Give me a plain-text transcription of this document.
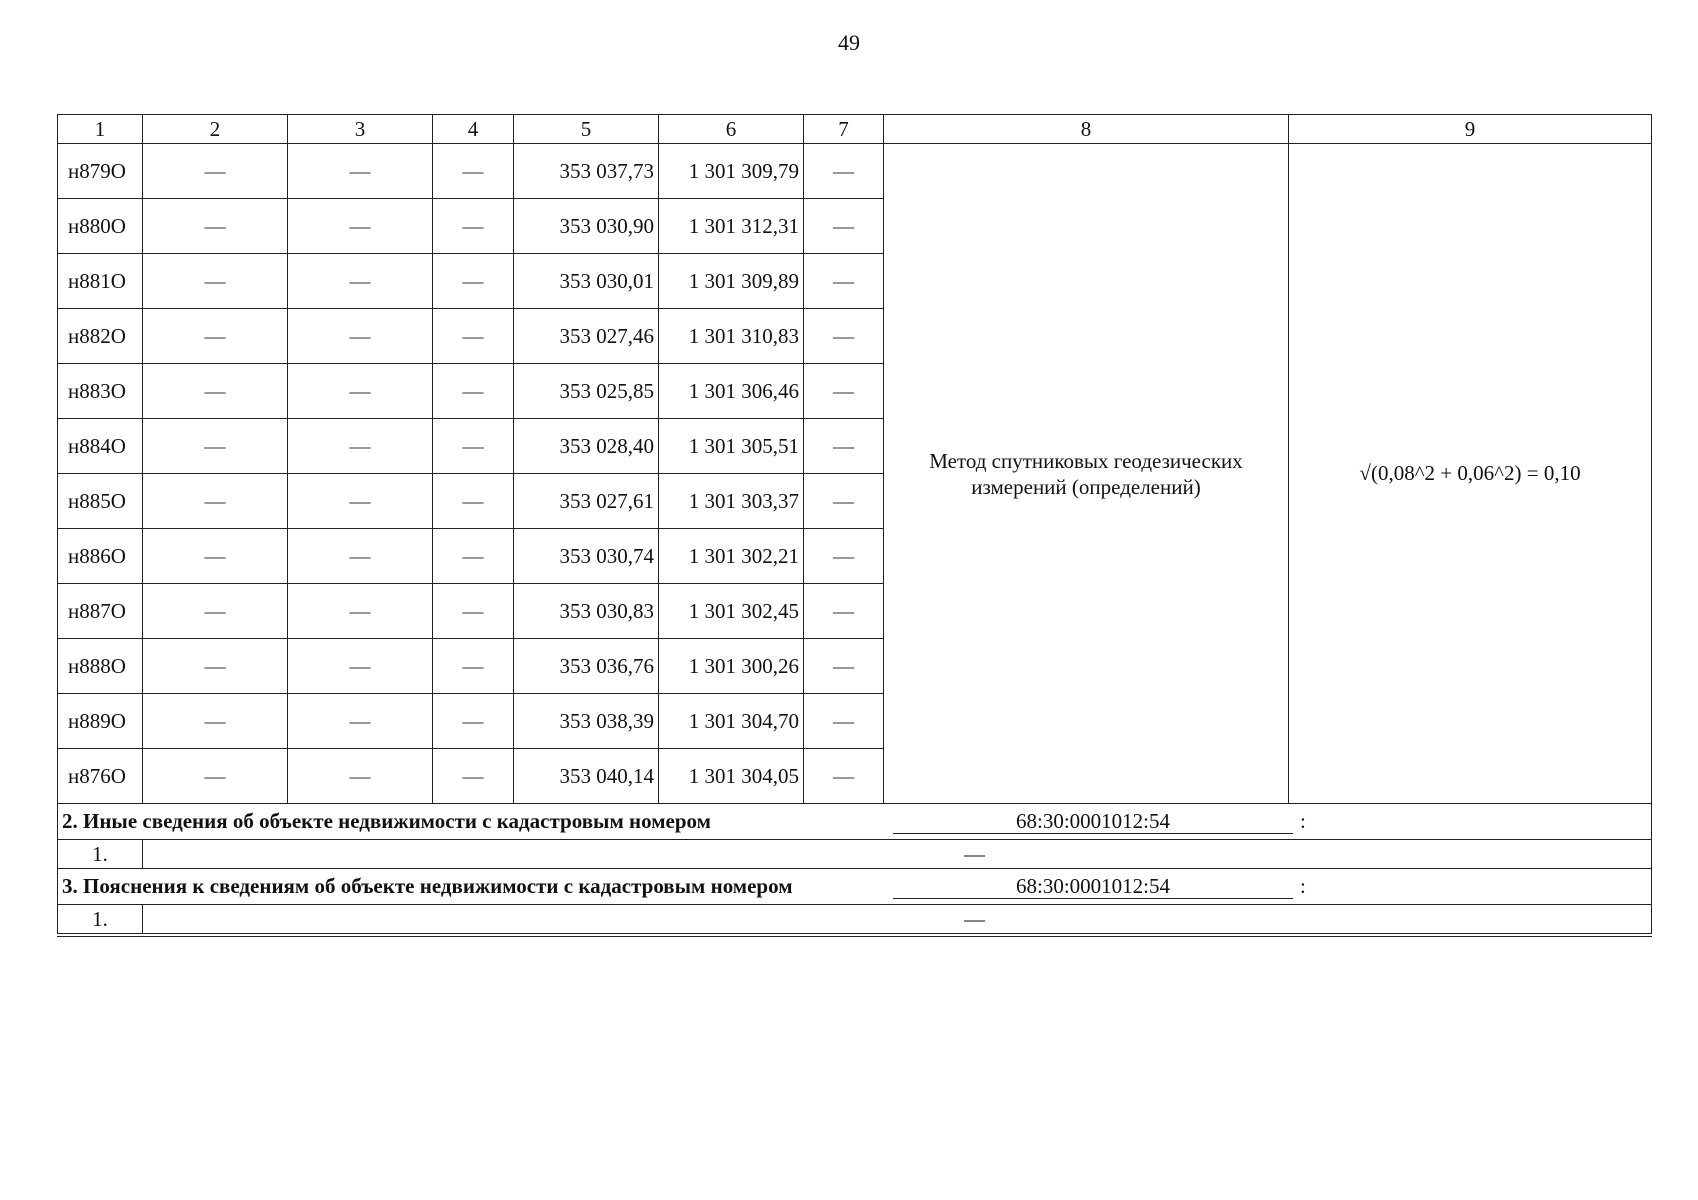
49
1	2	3	4	5	6	7	8	9
н879О	—	—	—	353 037,73	1 301 309,79	—	Метод спутниковых геодезических измерений (определений)	√(0,08^2 + 0,06^2) = 0,10
н880О	—	—	—	353 030,90	1 301 312,31	—		
н881О	—	—	—	353 030,01	1 301 309,89	—		
н882О	—	—	—	353 027,46	1 301 310,83	—		
н883О	—	—	—	353 025,85	1 301 306,46	—		
н884О	—	—	—	353 028,40	1 301 305,51	—		
н885О	—	—	—	353 027,61	1 301 303,37	—		
н886О	—	—	—	353 030,74	1 301 302,21	—		
н887О	—	—	—	353 030,83	1 301 302,45	—		
н888О	—	—	—	353 036,76	1 301 300,26	—		
н889О	—	—	—	353 038,39	1 301 304,70	—		
н876О	—	—	—	353 040,14	1 301 304,05	—		

2. Иные сведения об объекте недвижимости с кадастровым номером 68:30:0001012:54 :								

1.	—							

3. Пояснения к сведениям об объекте недвижимости с кадастровым номером 68:30:0001012:54 :								

1.	—							
